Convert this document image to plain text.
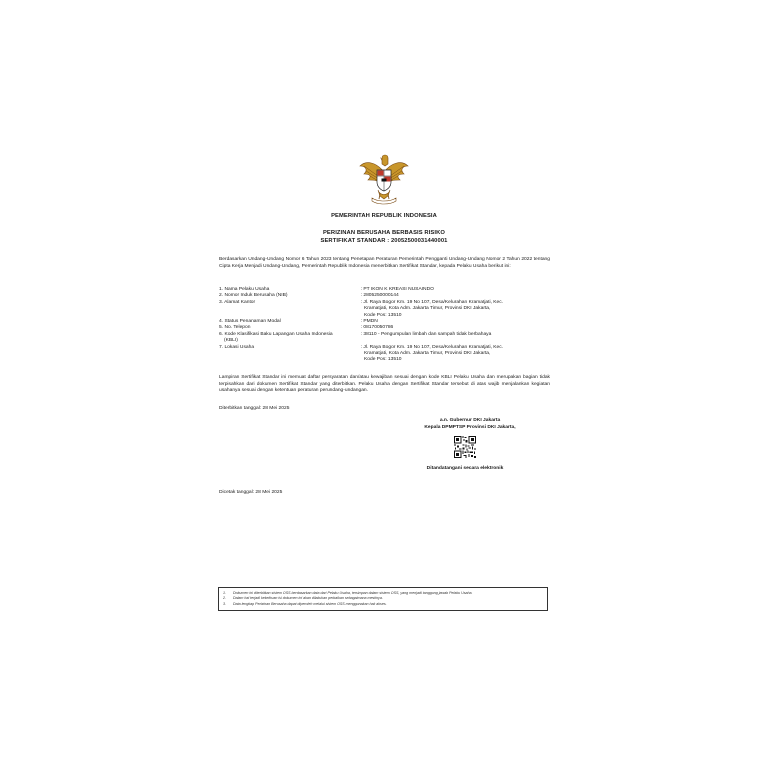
PEMERINTAH REPUBLIK INDONESIA
PERIZINAN BERUSAHA BERBASIS RISIKO
SERTIFIKAT STANDAR : 20052500031440001
Berdasarkan Undang-Undang Nomor 6 Tahun 2023 tentang Penetapan Peraturan Pemerintah Pengganti Undang-Undang Nomor 2 Tahun 2022 tentang Cipta Kerja Menjadi Undang-Undang, Pemerintah Republik Indonesia menerbitkan Sertifikat Standar, kepada Pelaku Usaha berikut ini:
1. Nama Pelaku Usaha	:PT IKON K KREASI NUSAINDO
2. Nomor Induk Berusaha (NIB)	:2805250000144
3. Alamat Kantor	:Jl. Raya Bogor Km. 19 No 107, Desa/Kelurahan Kramatjati, Kec.
Kramatjati, Kota Adm. Jakarta Timur, Provinsi DKI Jakarta,
Kode Pos: 13510
4. Status Penanaman Modal	:PMDN
5. No. Telepon	:08170050786
6. Kode Klasifikasi Baku Lapangan Usaha Indonesia
(KBLI)
:38110 - Pengumpulan limbah dan sampah tidak berbahaya
7. Lokasi Usaha	:Jl. Raya Bogor Km. 19 No 107, Desa/Kelurahan Kramatjati, Kec.
Kramatjati, Kota Adm. Jakarta Timur, Provinsi DKI Jakarta,
Kode Pos: 13510
Lampiran Sertifikat Standar ini memuat daftar persyaratan dan/atau kewajiban sesuai dengan kode KBLI Pelaku Usaha dan merupakan bagian tidak terpisahkan dari dokumen Sertifikat Standar yang diterbitkan. Pelaku Usaha dengan Sertifikat Standar tersebut di atas wajib menjalankan kegiatan usahanya sesuai dengan ketentuan peraturan perundang-undangan.
Diterbitkan tanggal: 28 Mei 2025
a.n. Gubernur DKI Jakarta
Kepala DPMPTSP Provinsi DKI Jakarta,
Ditandatangani secara elektronik
Dicetak tanggal: 28 Mei 2025
1.	Dokumen ini diterbitkan sistem OSS berdasarkan data dari Pelaku Usaha, tersimpan dalam sistem OSS, yang menjadi tanggung jawab Pelaku Usaha.
2.	Dalam hal terjadi kekeliruan isi dokumen ini akan dilakukan perbaikan sebagaimana mestinya.
3.	Data lengkap Perizinan Berusaha dapat diperoleh melalui sistem OSS menggunakan hak akses.
